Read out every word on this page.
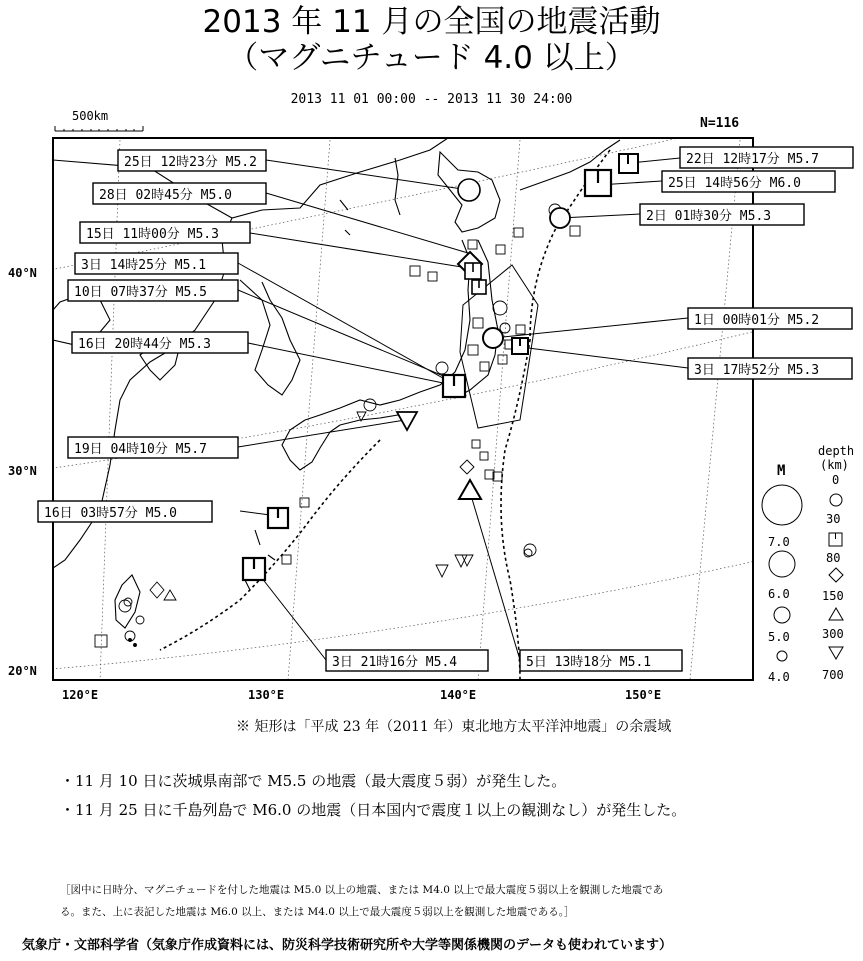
2013 年 11 月の全国の地震活動
（マグニチュード 4.0 以上）
2013 11 01 00:00 -- 2013 11 30 24:00
500km	N=116
40°N
30°N
20°N
120°E	130°E	140°E	150°E
25日 12時23分 M5.2
28日 02時45分 M5.0
15日 11時00分 M5.3
3日 14時25分 M5.1
10日 07時37分 M5.5
16日 20時44分 M5.3
19日 04時10分 M5.7
16日 03時57分 M5.0
22日 12時17分 M5.7
25日 14時56分 M6.0
2日 01時30分 M5.3
1日 00時01分 M5.2
3日 17時52分 M5.3
3日 21時16分 M5.4	5日 13時18分 M5.1
M
7.0
6.0
5.0
4.0
depth
(km)
0
30
80
150
300
700
※ 矩形は「平成 23 年（2011 年）東北地方太平洋沖地震」の余震域
・11 月 10 日に茨城県南部で M5.5 の地震（最大震度５弱）が発生した。
・11 月 25 日に千島列島で M6.0 の地震（日本国内で震度１以上の観測なし）が発生した。
［図中に日時分、マグニチュードを付した地震は M5.0 以上の地震、または M4.0 以上で最大震度５弱以上を観測した地震であ
る。また、上に表記した地震は M6.0 以上、または M4.0 以上で最大震度５弱以上を観測した地震である。］
気象庁・文部科学省（気象庁作成資料には、防災科学技術研究所や大学等関係機関のデータも使われています）
